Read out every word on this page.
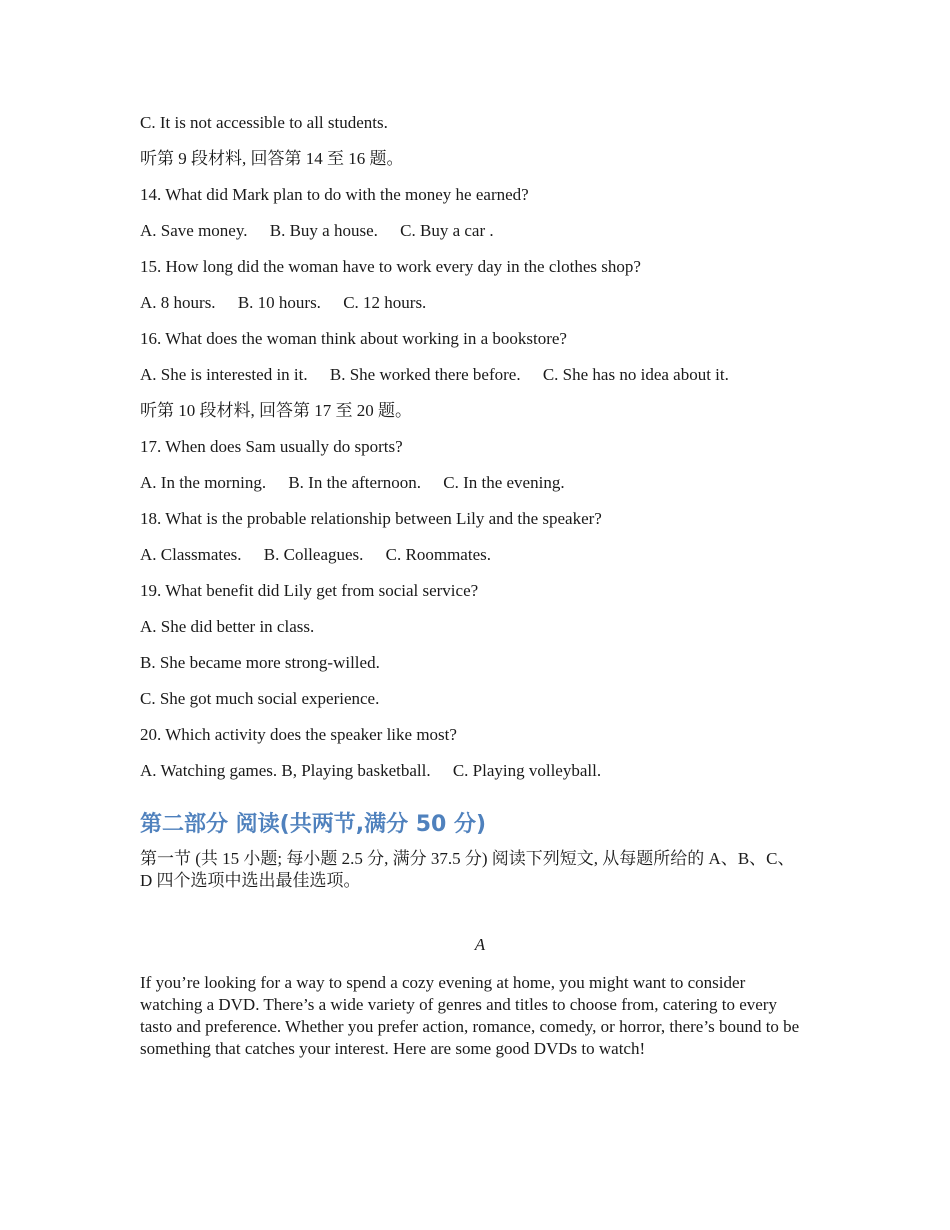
C. It is not accessible to all students.
听第 9 段材料, 回答第 14 至 16 题。
14. What did Mark plan to do with the money he earned?
A. Save money. B. Buy a house. C. Buy a car .
15. How long did the woman have to work every day in the clothes shop?
A. 8 hours. B. 10 hours. C. 12 hours.
16. What does the woman think about working in a bookstore?
A. She is interested in it. B. She worked there before. C. She has no idea about it.
听第 10 段材料, 回答第 17 至 20 题。
17. When does Sam usually do sports?
A. In the morning. B. In the afternoon. C. In the evening.
18. What is the probable relationship between Lily and the speaker?
A. Classmates. B. Colleagues. C. Roommates.
19. What benefit did Lily get from social service?
A. She did better in class.
B. She became more strong-willed.
C. She got much social experience.
20. Which activity does the speaker like most?
A. Watching games. B, Playing basketball. C. Playing volleyball.
第二部分 阅读(共两节,满分 50 分)

第一节 (共 15 小题; 每小题 2.5 分, 满分 37.5 分) 阅读下列短文, 从每题所给的 A、B、C、D 四个选项中选出最佳选项。

A

If you’re looking for a way to spend a cozy evening at home, you might want to consider watching a DVD. There’s a wide variety of genres and titles to choose from, catering to every tasto and preference. Whether you prefer action, romance, comedy, or horror, there’s bound to be something that catches your interest. Here are some good DVDs to watch!
